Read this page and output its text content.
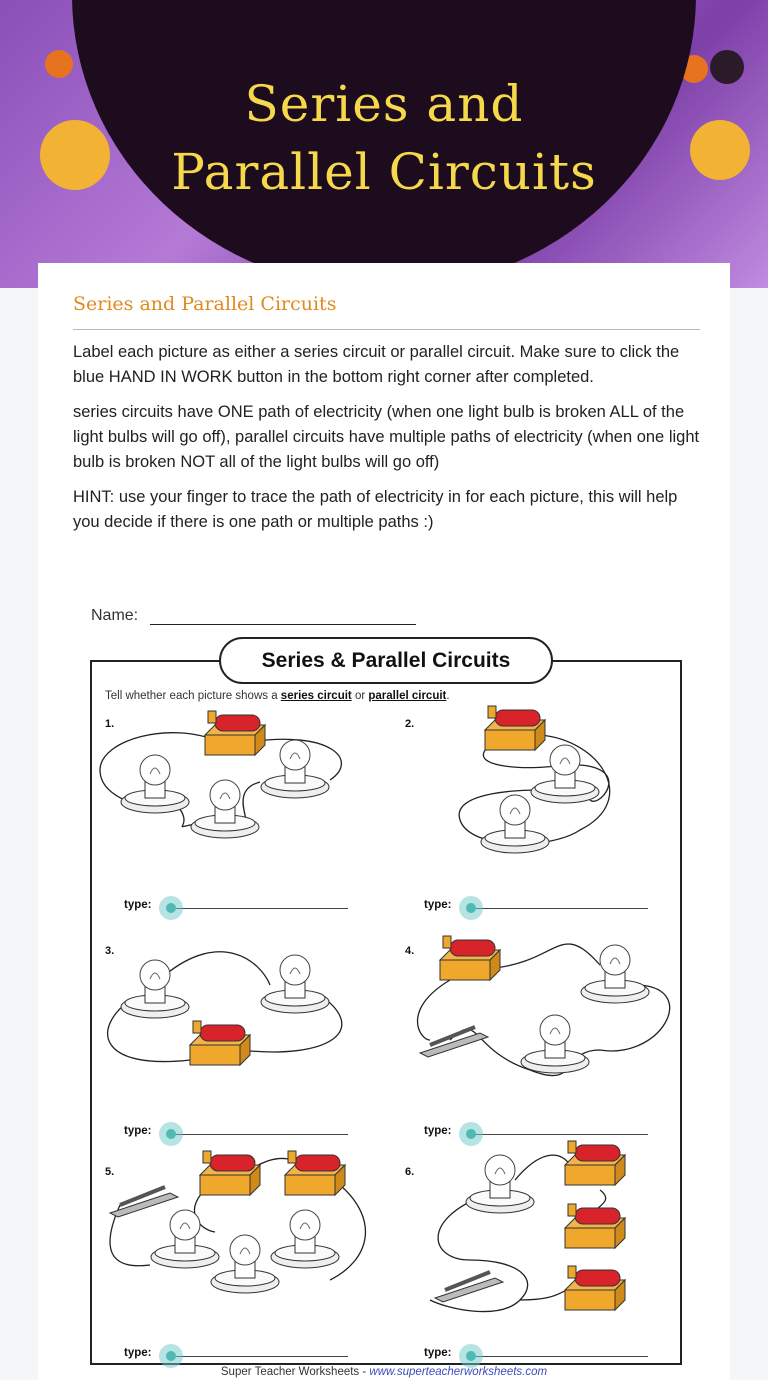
Series and
Parallel Circuits
Series and Parallel Circuits
Label each picture as either a series circuit or parallel circuit. Make sure to click the blue HAND IN WORK button in the bottom right corner after completed.
series circuits have ONE path of electricity (when one light bulb is broken ALL of the light bulbs will go off), parallel circuits have multiple paths of electricity (when one light bulb is broken NOT all of the light bulbs will go off)
HINT: use your finger to trace the path of electricity in for each picture, this will help you decide if there is one path or multiple paths :)
Name:
Series & Parallel Circuits
Tell whether each picture shows a series circuit or parallel circuit.
1.
type:
2.
type:
3.
type:
4.
type:
5.
type:
6.
type:
Super Teacher Worksheets - www.superteacherworksheets.com
